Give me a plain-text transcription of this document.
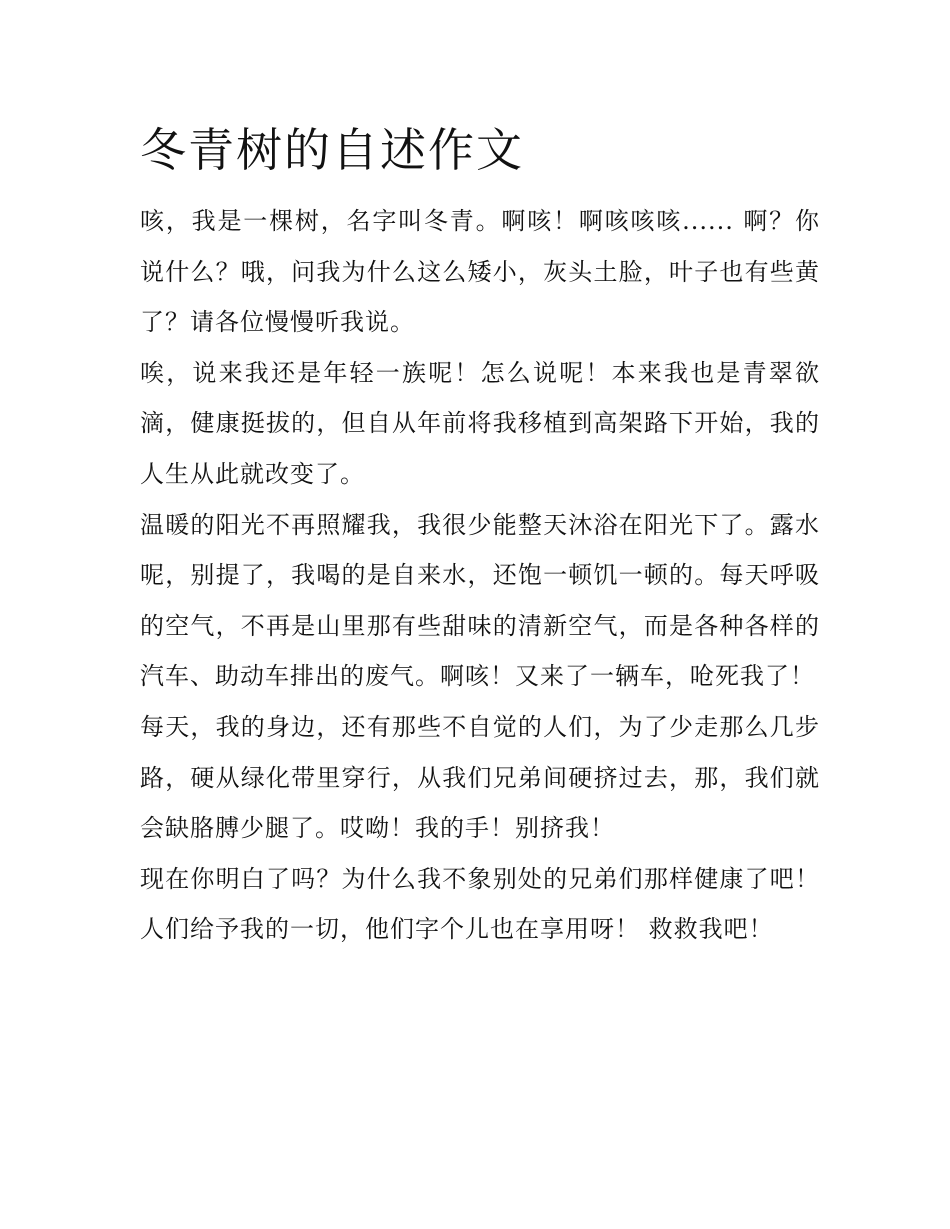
冬青树的自述作文

咳，我是一棵树，名字叫冬青。啊咳！啊咳咳咳...... 啊？你说什么？哦，问我为什么这么矮小，灰头土脸，叶子也有些黄了？请各位慢慢听我说。

唉，说来我还是年轻一族呢！怎么说呢！本来我也是青翠欲滴，健康挺拔的，但自从年前将我移植到高架路下开始，我的人生从此就改变了。

温暖的阳光不再照耀我，我很少能整天沐浴在阳光下了。露水呢，别提了，我喝的是自来水，还饱一顿饥一顿的。每天呼吸的空气，不再是山里那有些甜味的清新空气，而是各种各样的汽车、助动车排出的废气。啊咳！又来了一辆车，呛死我了！

每天，我的身边，还有那些不自觉的人们，为了少走那么几步路，硬从绿化带里穿行，从我们兄弟间硬挤过去，那，我们就会缺胳膊少腿了。哎呦！我的手！别挤我！

现在你明白了吗？为什么我不象别处的兄弟们那样健康了吧！人们给予我的一切，他们字个儿也在享用呀！ 救救我吧！
